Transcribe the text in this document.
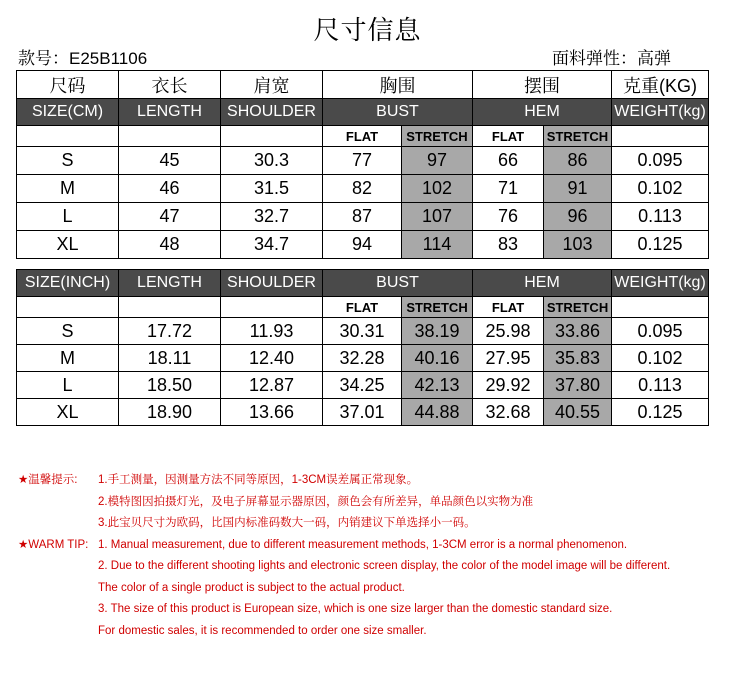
尺寸信息
款号：E25B1106	面料弹性：高弹
尺码	衣长	肩宽	胸围		摆围		克重(KG)
SIZE(CM)	LENGTH	SHOULDER	BUST		HEM		WEIGHT(kg)
			FLAT	STRETCH	FLAT	STRETCH	
S	45	30.3	77	97	66	86	0.095
M	46	31.5	82	102	71	91	0.102
L	47	32.7	87	107	76	96	0.113
XL	48	34.7	94	114	83	103	0.125
SIZE(INCH)	LENGTH	SHOULDER	BUST		HEM		WEIGHT(kg)
			FLAT	STRETCH	FLAT	STRETCH	
S	17.72	11.93	30.31	38.19	25.98	33.86	0.095
M	18.11	12.40	32.28	40.16	27.95	35.83	0.102
L	18.50	12.87	34.25	42.13	29.92	37.80	0.113
XL	18.90	13.66	37.01	44.88	32.68	40.55	0.125
★温馨提示: 1.手工测量，因测量方法不同等原因，1-3CM误差属正常现象。
2.模特图因拍摄灯光，及电子屏幕显示器原因，颜色会有所差异，单品颜色以实物为准
3.此宝贝尺寸为欧码，比国内标准码数大一码，内销建议下单选择小一码。
★WARM TIP: 1. Manual measurement, due to different measurement methods, 1-3CM error is a normal phenomenon.
2. Due to the different shooting lights and electronic screen display, the color of the model image will be different.
The color of a single product is subject to the actual product.
3. The size of this product is European size, which is one size larger than the domestic standard size.
For domestic sales, it is recommended to order one size smaller.
